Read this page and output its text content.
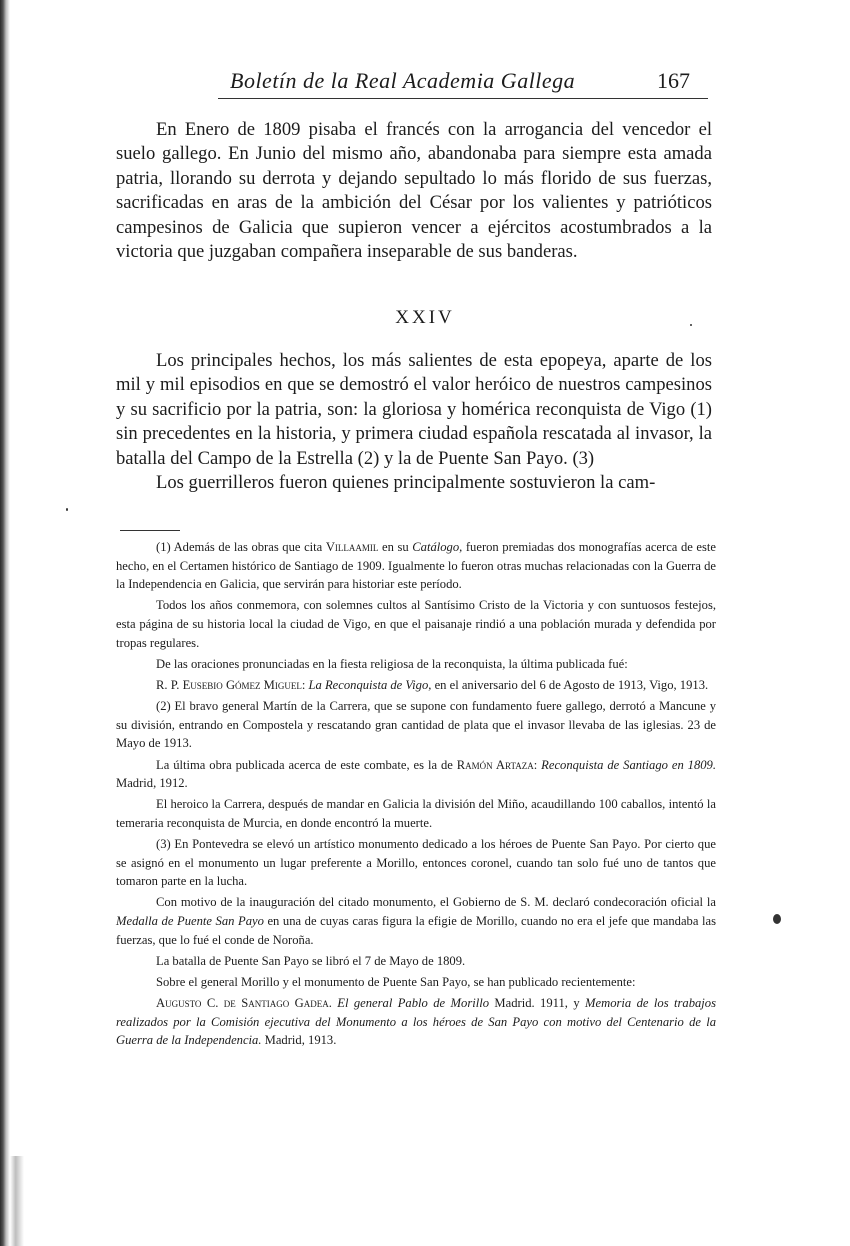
Boletín de la Real Academia Gallega	167

En Enero de 1809 pisaba el francés con la arrogancia del vencedor el suelo gallego. En Junio del mismo año, abandonaba para siempre esta amada patria, llorando su derrota y dejando sepultado lo más florido de sus fuerzas, sacrificadas en aras de la ambición del César por los valientes y patrióticos campesinos de Galicia que supieron vencer a ejércitos acostumbrados a la victoria que juzgaban compañera inseparable de sus banderas.

XXIV

Los principales hechos, los más salientes de esta epopeya, aparte de los mil y mil episodios en que se demostró el valor heróico de nuestros campesinos y su sacrificio por la patria, son: la gloriosa y homérica reconquista de Vigo (1) sin precedentes en la historia, y primera ciudad española rescatada al invasor, la batalla del Campo de la Estrella (2) y la de Puente San Payo. (3)

Los guerrilleros fueron quienes principalmente sostuvieron la cam-

(1) Además de las obras que cita Villaamil en su Catálogo, fueron premiadas dos monografías acerca de este hecho, en el Certamen histórico de Santiago de 1909. Igualmente lo fueron otras muchas relacionadas con la Guerra de la Independencia en Galicia, que servirán para historiar este período.

Todos los años conmemora, con solemnes cultos al Santísimo Cristo de la Victoria y con suntuosos festejos, esta página de su historia local la ciudad de Vigo, en que el paisanaje rindió a una población murada y defendida por tropas regulares.

De las oraciones pronunciadas en la fiesta religiosa de la reconquista, la última publicada fué:

R. P. Eusebio Gómez Miguel: La Reconquista de Vigo, en el aniversario del 6 de Agosto de 1913, Vigo, 1913.

(2) El bravo general Martín de la Carrera, que se supone con fundamento fuere gallego, derrotó a Mancune y su división, entrando en Compostela y rescatando gran cantidad de plata que el invasor llevaba de las iglesias. 23 de Mayo de 1913.

La última obra publicada acerca de este combate, es la de Ramón Artaza: Reconquista de Santiago en 1809. Madrid, 1912.

El heroico la Carrera, después de mandar en Galicia la división del Miño, acaudillando 100 caballos, intentó la temeraria reconquista de Murcia, en donde encontró la muerte.

(3) En Pontevedra se elevó un artístico monumento dedicado a los héroes de Puente San Payo. Por cierto que se asignó en el monumento un lugar preferente a Morillo, entonces coronel, cuando tan solo fué uno de tantos que tomaron parte en la lucha.

Con motivo de la inauguración del citado monumento, el Gobierno de S. M. declaró condecoración oficial la Medalla de Puente San Payo en una de cuyas caras figura la efigie de Morillo, cuando no era el jefe que mandaba las fuerzas, que lo fué el conde de Noroña.

La batalla de Puente San Payo se libró el 7 de Mayo de 1809.

Sobre el general Morillo y el monumento de Puente San Payo, se han publicado recientemente:

Augusto C. de Santiago Gadea. El general Pablo de Morillo Madrid. 1911, y Memoria de los trabajos realizados por la Comisión ejecutiva del Monumento a los héroes de San Payo con motivo del Centenario de la Guerra de la Independencia. Madrid, 1913.
